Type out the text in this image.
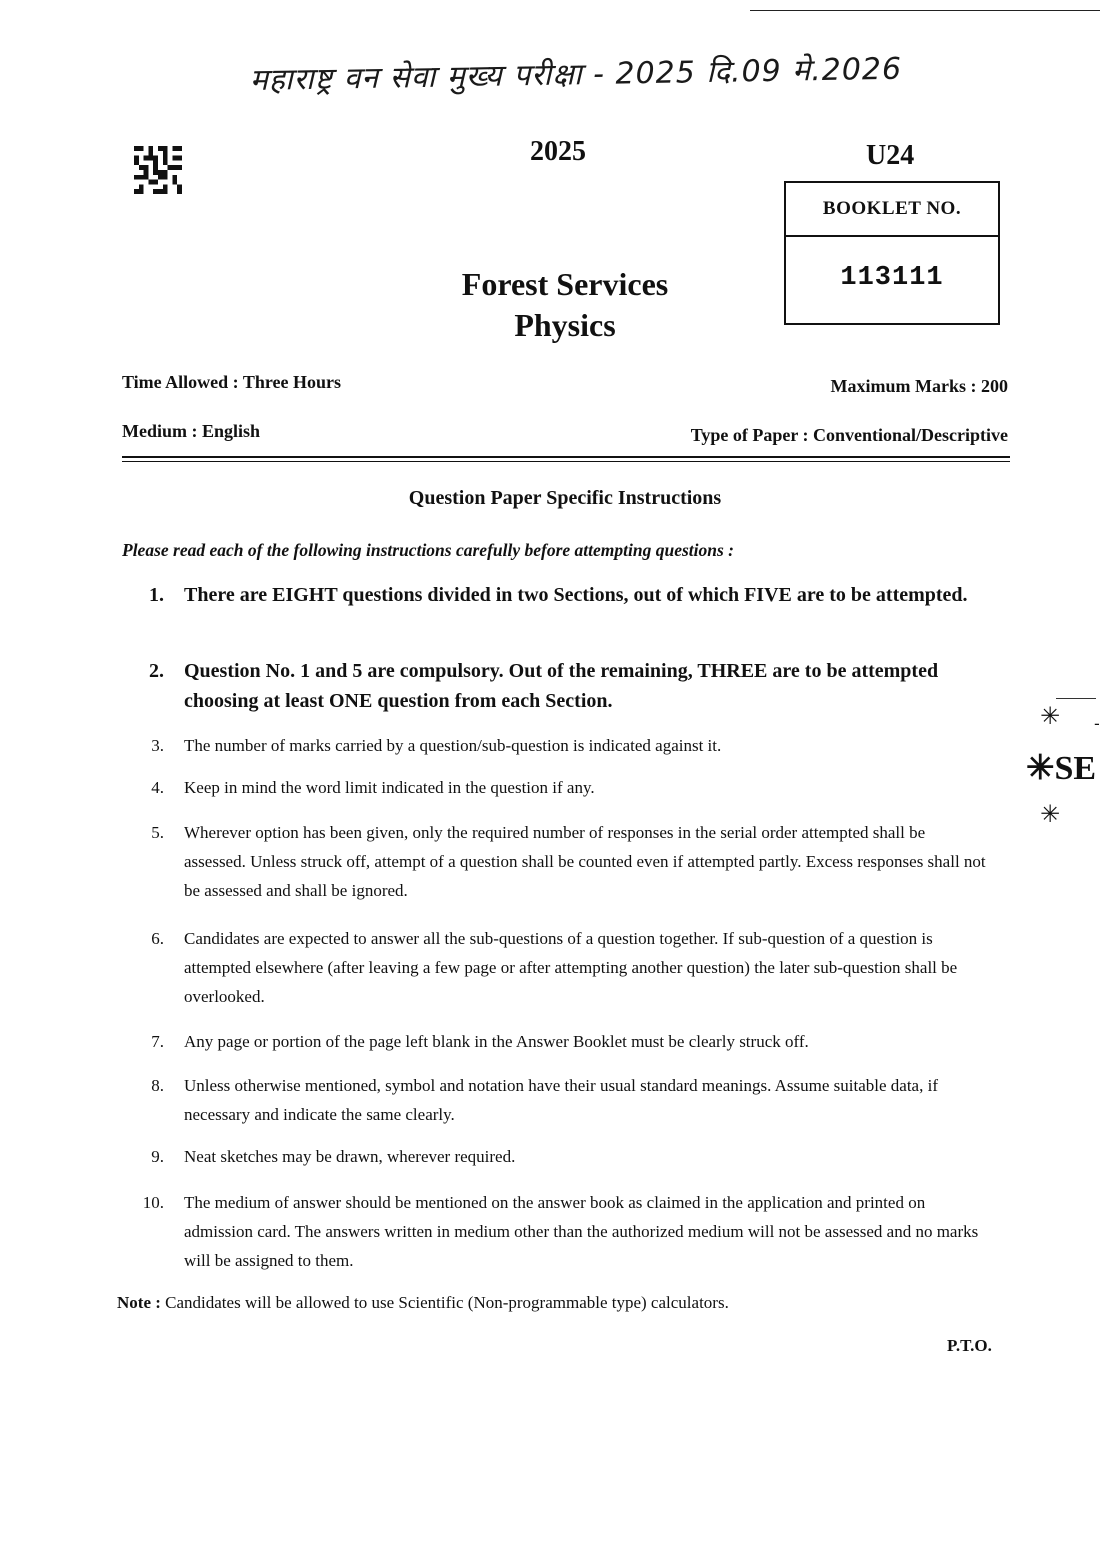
महाराष्ट्र वन सेवा मुख्य परीक्षा - 2025 दि.09 मे.2026
2025	U24
BOOKLET NO.
113111
Forest Services
Physics
Time Allowed : Three Hours	Maximum Marks : 200
Medium : English	Type of Paper : Conventional/Descriptive
Question Paper Specific Instructions
Please read each of the following instructions carefully before attempting questions :
1.	There are EIGHT questions divided in two Sections, out of which FIVE are to be attempted.
2.	Question No. 1 and 5 are compulsory. Out of the remaining, THREE are to be attempted choosing at least ONE question from each Section.
3.	The number of marks carried by a question/sub-question is indicated against it.
4.	Keep in mind the word limit indicated in the question if any.
5.	Wherever option has been given, only the required number of responses in the serial order attempted shall be assessed. Unless struck off, attempt of a question shall be counted even if attempted partly. Excess responses shall not be assessed and shall be ignored.
6.	Candidates are expected to answer all the sub-questions of a question together. If sub-question of a question is attempted elsewhere (after leaving a few page or after attempting another question) the later sub-question shall be overlooked.
7.	Any page or portion of the page left blank in the Answer Booklet must be clearly struck off.
8.	Unless otherwise mentioned, symbol and notation have their usual standard meanings. Assume suitable data, if necessary and indicate the same clearly.
9.	Neat sketches may be drawn, wherever required.
10.	The medium of answer should be mentioned on the answer book as claimed in the application and printed on admission card. The answers written in medium other than the authorized medium will not be assessed and no marks will be assigned to them.
Note : Candidates will be allowed to use Scientific (Non-programmable type) calculators.
P.T.O.
✳ -
✳SE
✳
